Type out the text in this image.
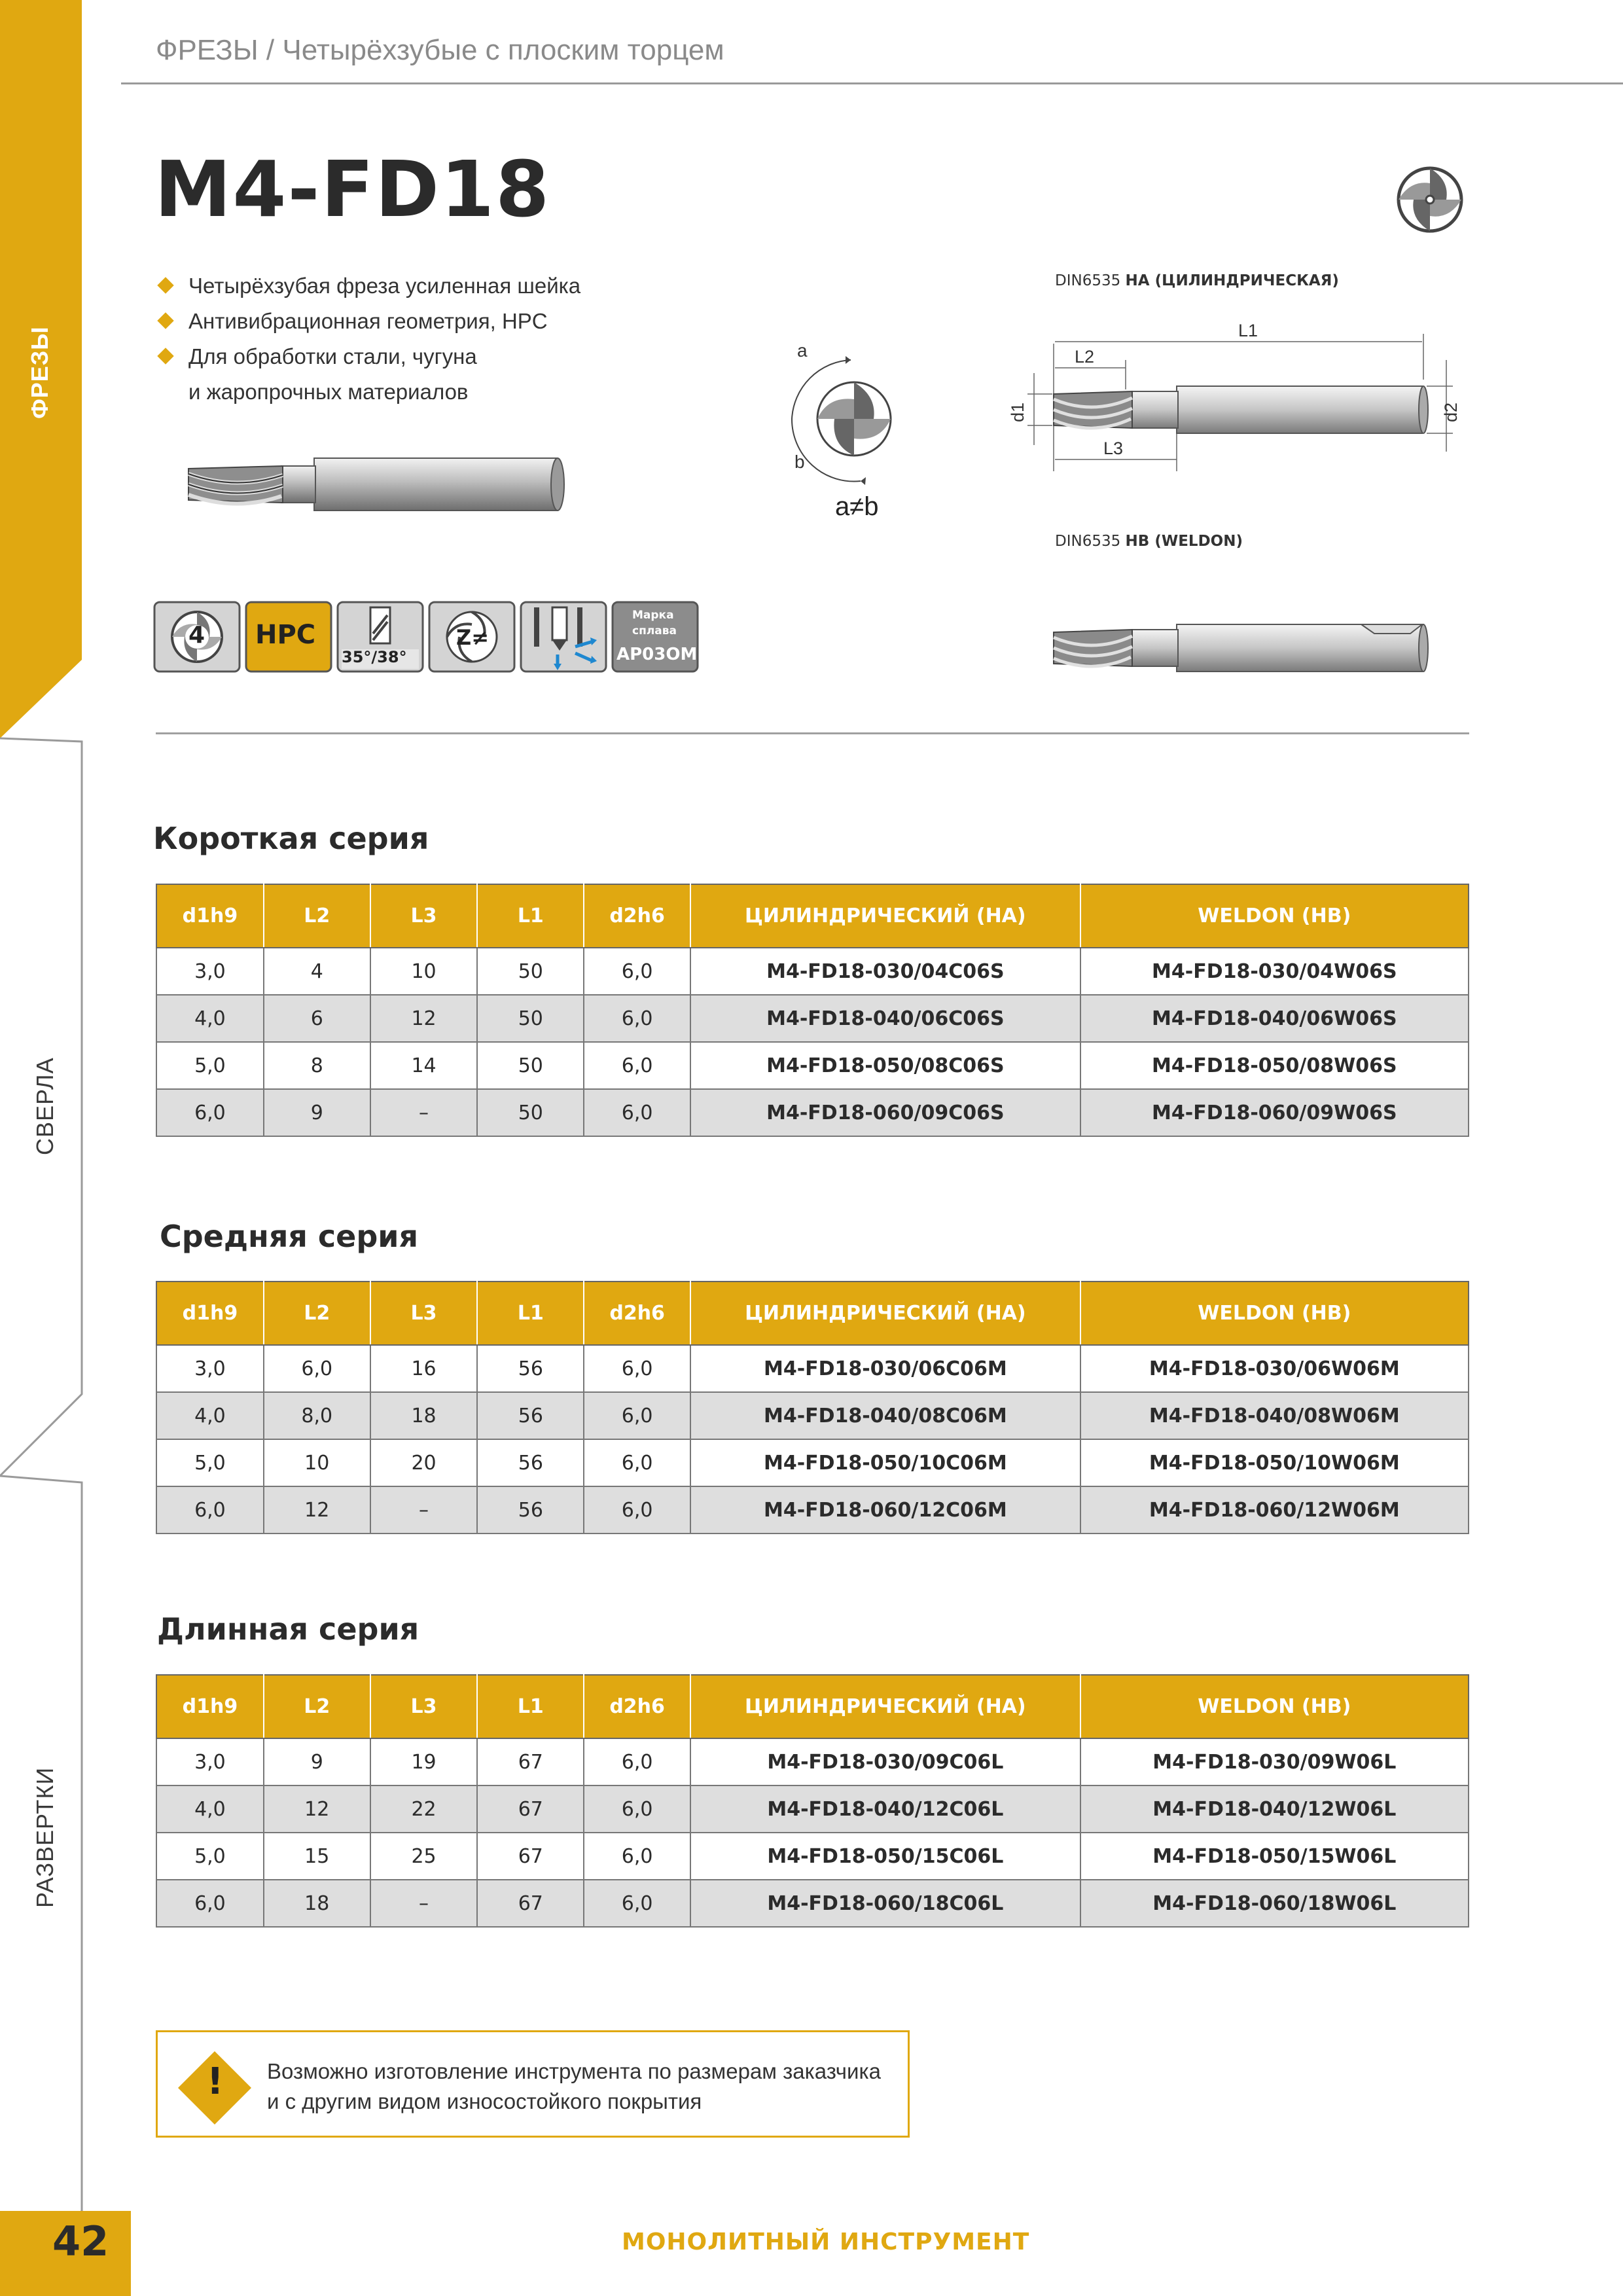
ФРЕЗЫ
СВЕРЛА
РАЗВЕРТКИ
ФРЕЗЫ / Четырёхзубые с плоским торцем
M4-FD18
Четырёхзубая фреза усиленная шейка
Антивибрационная геометрия, HPC
Для обработки стали, чугуна
и жаропрочных материалов
4 HPC
35°/38°
Z≠
Марка
сплава
AP03OM
a
b
a≠b
DIN6535 HA (ЦИЛИНДРИЧЕСКАЯ)
L1
L2
L3
d1	d2
DIN6535 HB (WELDON)
Короткая серия
d1h9	L2	L3	L1	d2h6	ЦИЛИНДРИЧЕСКИЙ (HA)	WELDON (HB)
3,0	4	10	50	6,0	M4-FD18-030/04C06S	M4-FD18-030/04W06S
4,0	6	12	50	6,0	M4-FD18-040/06C06S	M4-FD18-040/06W06S
5,0	8	14	50	6,0	M4-FD18-050/08C06S	M4-FD18-050/08W06S
6,0	9	–	50	6,0	M4-FD18-060/09C06S	M4-FD18-060/09W06S
Средняя серия
d1h9	L2	L3	L1	d2h6	ЦИЛИНДРИЧЕСКИЙ (HA)	WELDON (HB)
3,0	6,0	16	56	6,0	M4-FD18-030/06C06M	M4-FD18-030/06W06M
4,0	8,0	18	56	6,0	M4-FD18-040/08C06M	M4-FD18-040/08W06M
5,0	10	20	56	6,0	M4-FD18-050/10C06M	M4-FD18-050/10W06M
6,0	12	–	56	6,0	M4-FD18-060/12C06M	M4-FD18-060/12W06M
Длинная серия
d1h9	L2	L3	L1	d2h6	ЦИЛИНДРИЧЕСКИЙ (HA)	WELDON (HB)
3,0	9	19	67	6,0	M4-FD18-030/09C06L	M4-FD18-030/09W06L
4,0	12	22	67	6,0	M4-FD18-040/12C06L	M4-FD18-040/12W06L
5,0	15	25	67	6,0	M4-FD18-050/15C06L	M4-FD18-050/15W06L
6,0	18	–	67	6,0	M4-FD18-060/18C06L	M4-FD18-060/18W06L
! Возможно изготовление инструмента по размерам заказчика
и с другим видом износостойкого покрытия
42	МОНОЛИТНЫЙ ИНСТРУМЕНТ
